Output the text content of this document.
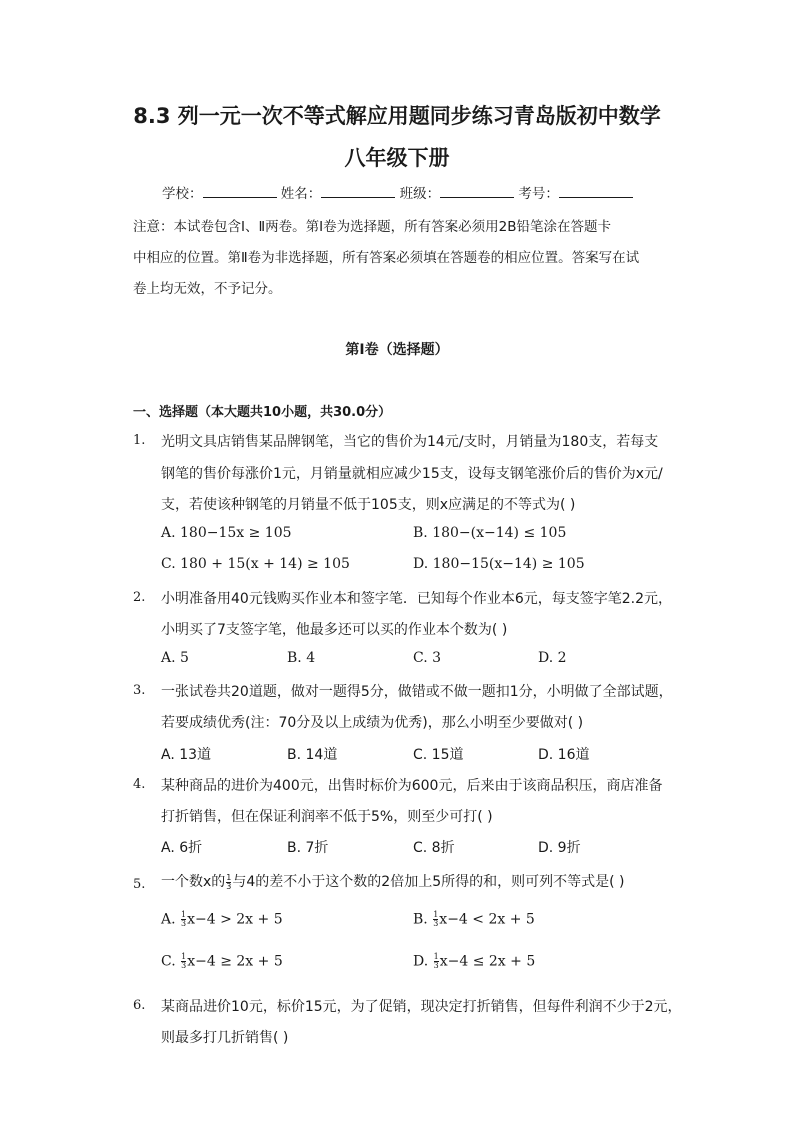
8.3 列一元一次不等式解应用题同步练习青岛版初中数学
八年级下册
学校：	姓名：	班级：	考号：
注意：本试卷包含Ⅰ、Ⅱ两卷。第Ⅰ卷为选择题，所有答案必须用2B铅笔涂在答题卡
中相应的位置。第Ⅱ卷为非选择题，所有答案必须填在答题卷的相应位置。答案写在试
卷上均无效，不予记分。
第Ⅰ卷（选择题）
一、选择题（本大题共10小题，共30.0分）
1. 光明文具店销售某品牌钢笔，当它的售价为14元/支时，月销量为180支，若每支
钢笔的售价每涨价1元，月销量就相应减少15支，设每支钢笔涨价后的售价为x元/
支，若使该种钢笔的月销量不低于105支，则x应满足的不等式为( )
A. 180−15x ≥ 105	B. 180−(x−14) ≤ 105
C. 180 + 15(x + 14) ≥ 105	D. 180−15(x−14) ≥ 105
2. 小明准备用40元钱购买作业本和签字笔．已知每个作业本6元，每支签字笔2.2元，
小明买了7支签字笔，他最多还可以买的作业本个数为( )
A. 5	B. 4	C. 3	D. 2
3. 一张试卷共20道题，做对一题得5分，做错或不做一题扣1分，小明做了全部试题，
若要成绩优秀(注：70分及以上成绩为优秀)，那么小明至少要做对( )
A. 13道	B. 14道	C. 15道	D. 16道
4. 某种商品的进价为400元，出售时标价为600元，后来由于该商品积压，商店准备
打折销售，但在保证利润率不低于5%，则至少可打( )
A. 6折	B. 7折	C. 8折	D. 9折
5. 一个数x的 $\frac{1}{3}$ 与4的差不小于这个数的2倍加上5所得的和，则可列不等式是( )
A. $\frac{1}{3} x-4 > 2x + 5$	B. $\frac{1}{3} x-4 < 2x + 5$
C. $\frac{1}{3} x-4 \ge 2x + 5$	D. $\frac{1}{3} x-4 \le 2x + 5$
6. 某商品进价10元，标价15元，为了促销，现决定打折销售，但每件利润不少于2元，
则最多打几折销售( )
